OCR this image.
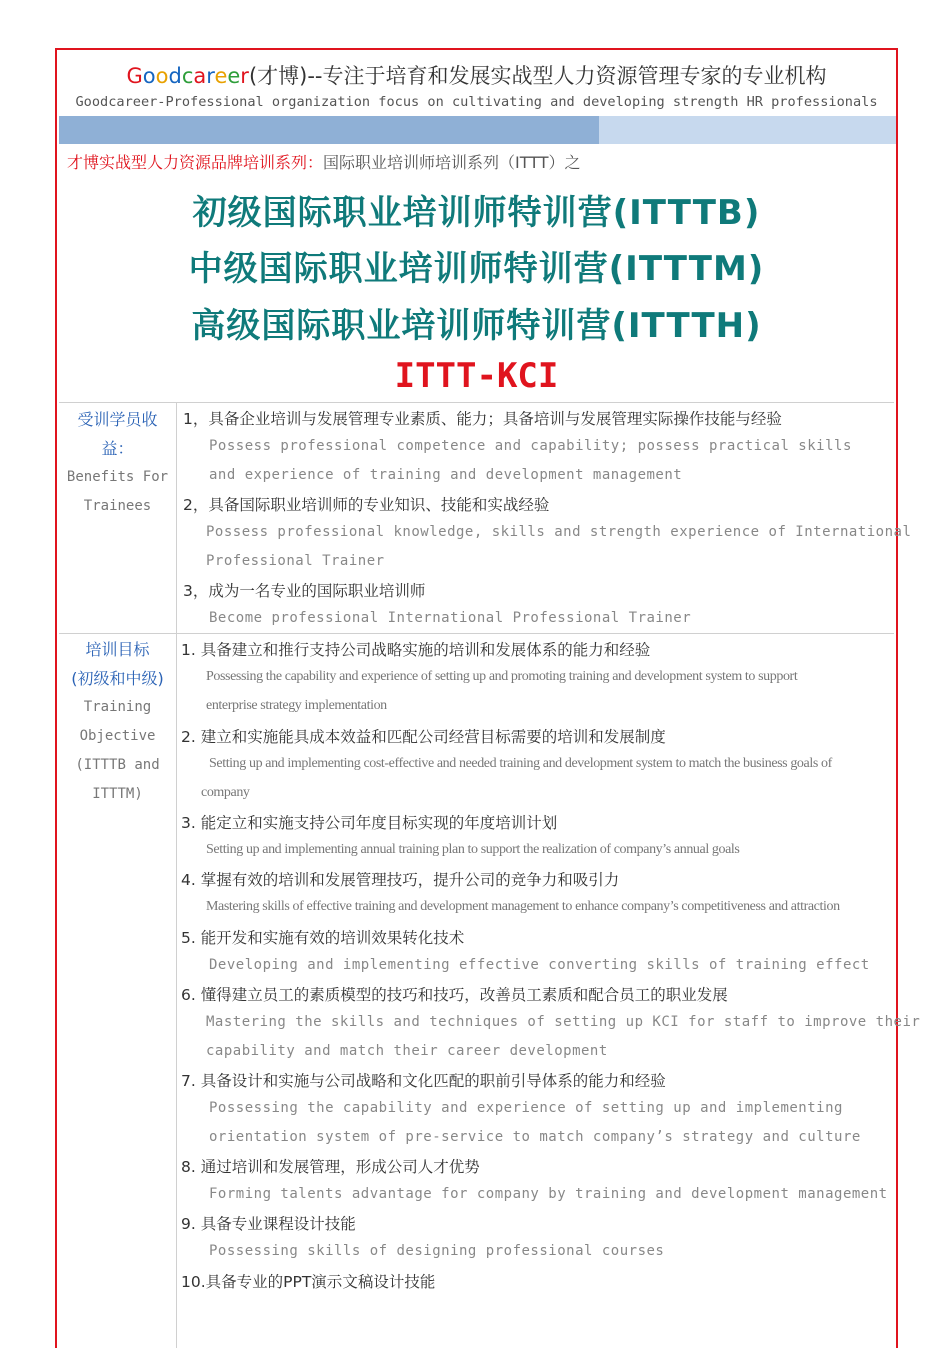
Goodcareer(才博)--专注于培育和发展实战型人力资源管理专家的专业机构
Goodcareer-Professional organization focus on cultivating and developing strength HR professionals
才博实战型人力资源品牌培训系列：国际职业培训师培训系列（ITTT）之
初级国际职业培训师特训营(ITTTB)
中级国际职业培训师特训营(ITTTM)
高级国际职业培训师特训营(ITTTH)
ITTT-KCI
受训学员收
益：
Benefits For
Trainees
培训目标
(初级和中级)
Training
Objective
(ITTTB and
ITTTM)
1，具备企业培训与发展管理专业素质、能力；具备培训与发展管理实际操作技能与经验
Possess professional competence and capability; possess practical skills
and experience of training and development management
2，具备国际职业培训师的专业知识、技能和实战经验
Possess professional knowledge, skills and strength experience of International
Professional Trainer
3，成为一名专业的国际职业培训师
Become professional International Professional Trainer
1. 具备建立和推行支持公司战略实施的培训和发展体系的能力和经验
Possessing the capability and experience of setting up and promoting training and development system to support
enterprise strategy implementation
2. 建立和实施能具成本效益和匹配公司经营目标需要的培训和发展制度
Setting up and implementing cost-effective and needed training and development system to match the business goals of
company
3. 能定立和实施支持公司年度目标实现的年度培训计划
Setting up and implementing annual training plan to support the realization of company’s annual goals
4. 掌握有效的培训和发展管理技巧，提升公司的竞争力和吸引力
Mastering skills of effective training and development management to enhance company’s competitiveness and attraction
5. 能开发和实施有效的培训效果转化技术
Developing and implementing effective converting skills of training effect
6. 懂得建立员工的素质模型的技巧和技巧，改善员工素质和配合员工的职业发展
Mastering the skills and techniques of setting up KCI for staff to improve their
capability and match their career development
7. 具备设计和实施与公司战略和文化匹配的职前引导体系的能力和经验
Possessing the capability and experience of setting up and implementing
orientation system of pre-service to match company’s strategy and culture
8. 通过培训和发展管理，形成公司人才优势
Forming talents advantage for company by training and development management
9. 具备专业课程设计技能
Possessing skills of designing professional courses
10.具备专业的PPT演示文稿设计技能
